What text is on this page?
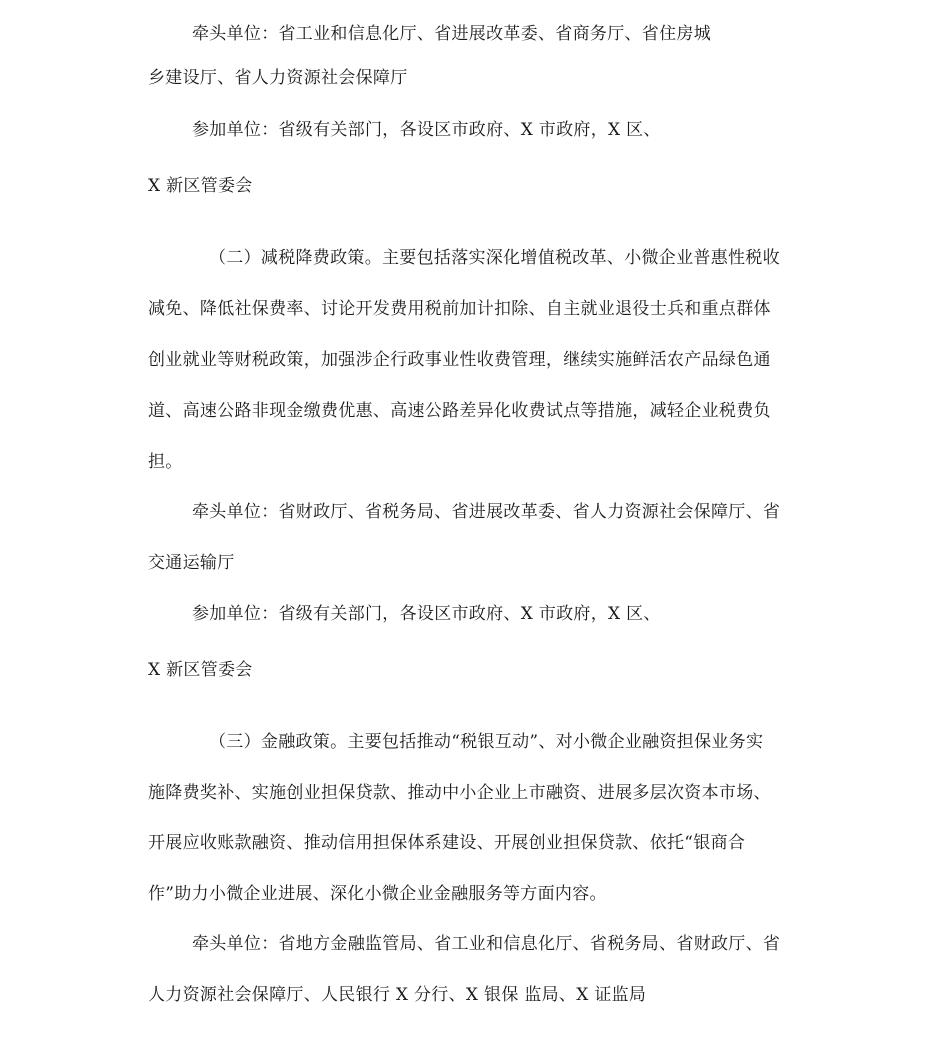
牵头单位：省工业和信息化厅、省进展改革委、省商务厅、省住房城
乡建设厅、省人力资源社会保障厅
参加单位：省级有关部门，各设区市政府、X 市政府，X 区、
X 新区管委会
（二）减税降费政策。主要包括落实深化增值税改革、小微企业普惠性税收
减免、降低社保费率、讨论开发费用税前加计扣除、自主就业退役士兵和重点群体
创业就业等财税政策，加强涉企行政事业性收费管理，继续实施鲜活农产品绿色通
道、高速公路非现金缴费优惠、高速公路差异化收费试点等措施，减轻企业税费负
担。
牵头单位：省财政厅、省税务局、省进展改革委、省人力资源社会保障厅、省
交通运输厅
参加单位：省级有关部门，各设区市政府、X 市政府，X 区、
X 新区管委会
（三）金融政策。主要包括推动“税银互动”、对小微企业融资担保业务实
施降费奖补、实施创业担保贷款、推动中小企业上市融资、进展多层次资本市场、
开展应收账款融资、推动信用担保体系建设、开展创业担保贷款、依托“银商合
作”助力小微企业进展、深化小微企业金融服务等方面内容。
牵头单位：省地方金融监管局、省工业和信息化厅、省税务局、省财政厅、省
人力资源社会保障厅、人民银行 X 分行、X 银保 监局、X 证监局
